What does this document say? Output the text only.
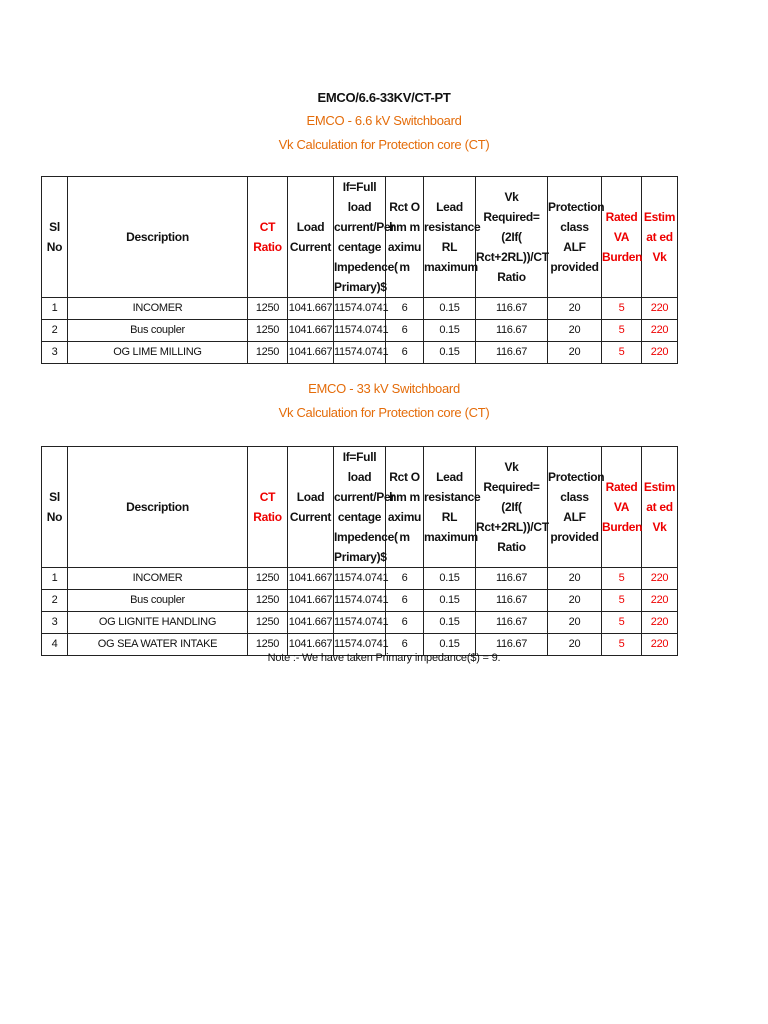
EMCO/6.6-33KV/CT-PT
EMCO - 6.6 kV Switchboard
Vk Calculation for Protection core (CT)
Sl No	Description	CT Ratio	Load Current	If=Full load current/Per centage Impedence( Primary)$	Rct Ohm maximu m	Lead resistance RL maximum	Vk Required=(2If( Rct+2RL))/CT Ratio	Protection class ALF provided	Rated VA Burden	Estimat ed Vk
1	INCOMER	1250	1041.667	11574.0741	6	0.15	116.67	20	5	220
2	Bus coupler	1250	1041.667	11574.0741	6	0.15	116.67	20	5	220
3	OG LIME MILLING	1250	1041.667	11574.0741	6	0.15	116.67	20	5	220
EMCO - 33 kV Switchboard
Vk Calculation for Protection core (CT)
Sl No	Description	CT Ratio	Load Current	If=Full load current/Per centage Impedence( Primary)$	Rct Ohm maximu m	Lead resistance RL maximum	Vk Required=(2If( Rct+2RL))/CT Ratio	Protection class ALF provided	Rated VA Burden	Estimat ed Vk
1	INCOMER	1250	1041.667	11574.0741	6	0.15	116.67	20	5	220
2	Bus coupler	1250	1041.667	11574.0741	6	0.15	116.67	20	5	220
3	OG LIGNITE HANDLING	1250	1041.667	11574.0741	6	0.15	116.67	20	5	220
4	OG SEA WATER INTAKE	1250	1041.667	11574.0741	6	0.15	116.67	20	5	220
Note :- We have taken Primary impedance($) = 9.
